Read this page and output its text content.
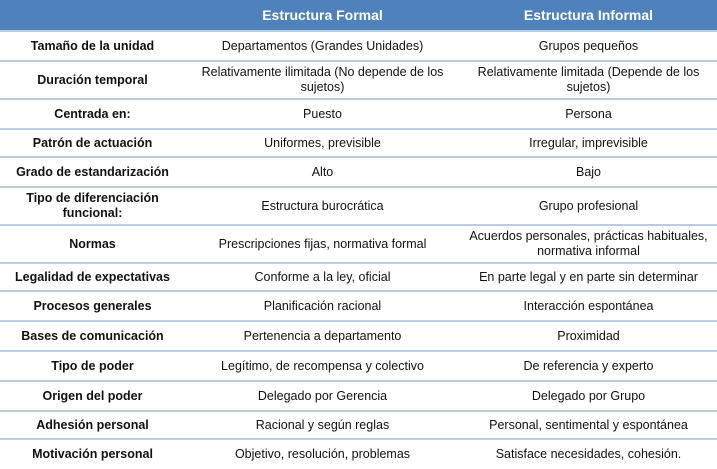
	Estructura Formal	Estructura Informal
Tamaño de la unidad	Departamentos (Grandes Unidades)	Grupos pequeños
Duración temporal	Relativamente ilimitada (No depende de los sujetos)	Relativamente limitada (Depende de los sujetos)
Centrada en:	Puesto	Persona
Patrón de actuación	Uniformes, previsible	Irregular, imprevisible
Grado de estandarización	Alto	Bajo
Tipo de diferenciación funcional:	Estructura burocrática	Grupo profesional
Normas	Prescripciones fijas, normativa formal	Acuerdos personales, prácticas habituales, normativa informal
Legalidad de expectativas	Conforme a la ley, oficial	En parte legal y en parte sin determinar
Procesos generales	Planificación racional	Interacción espontánea
Bases de comunicación	Pertenencia a departamento	Proximidad
Tipo de poder	Legítimo, de recompensa y colectivo	De referencia y experto
Origen del poder	Delegado por Gerencia	Delegado por Grupo
Adhesión personal	Racional y según reglas	Personal, sentimental y espontánea
Motivación personal	Objetivo, resolución, problemas	Satisface necesidades, cohesión.
